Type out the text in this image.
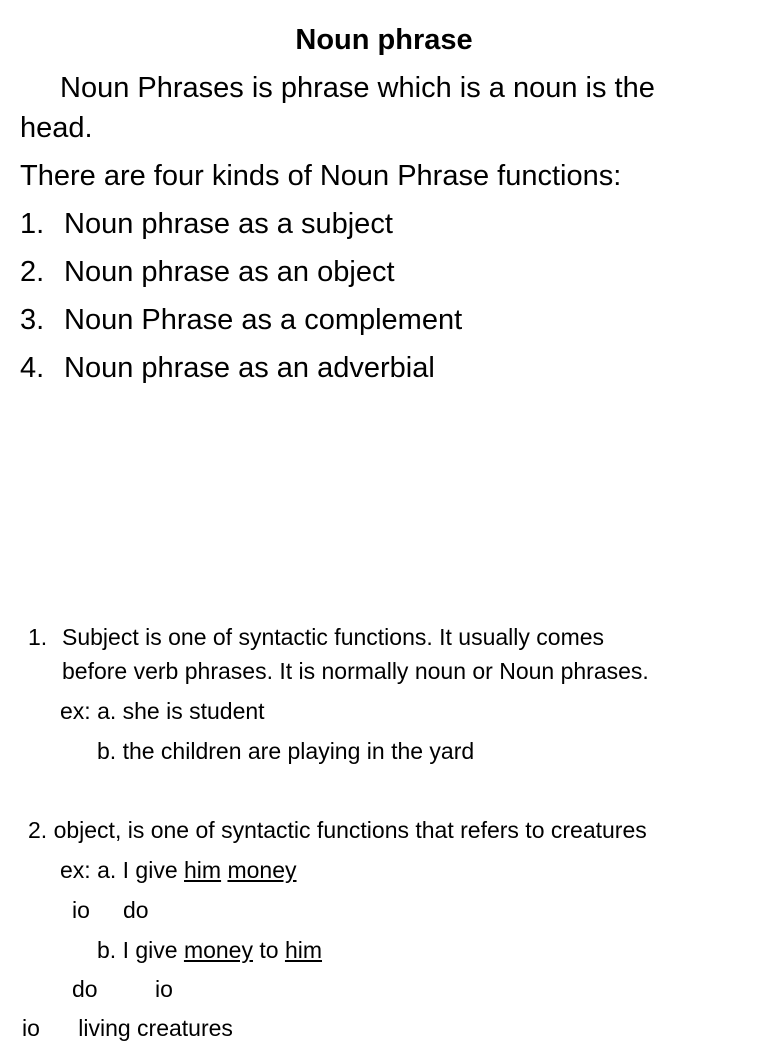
Noun phrase

Noun Phrases is phrase which is a noun is the

head.

There are four kinds of Noun Phrase functions:

1. Noun phrase as a subject
2. Noun phrase as an object
3. Noun Phrase as a complement
4. Noun phrase as an adverbial
1. Subject is one of syntactic functions. It usually comes
before verb phrases. It is normally noun or Noun phrases.

ex: a. she is student

b. the children are playing in the yard

2. object, is one of syntactic functions that refers to creatures

ex: a. I give him money

io do

b. I give money to him

do io

io      living creatures
